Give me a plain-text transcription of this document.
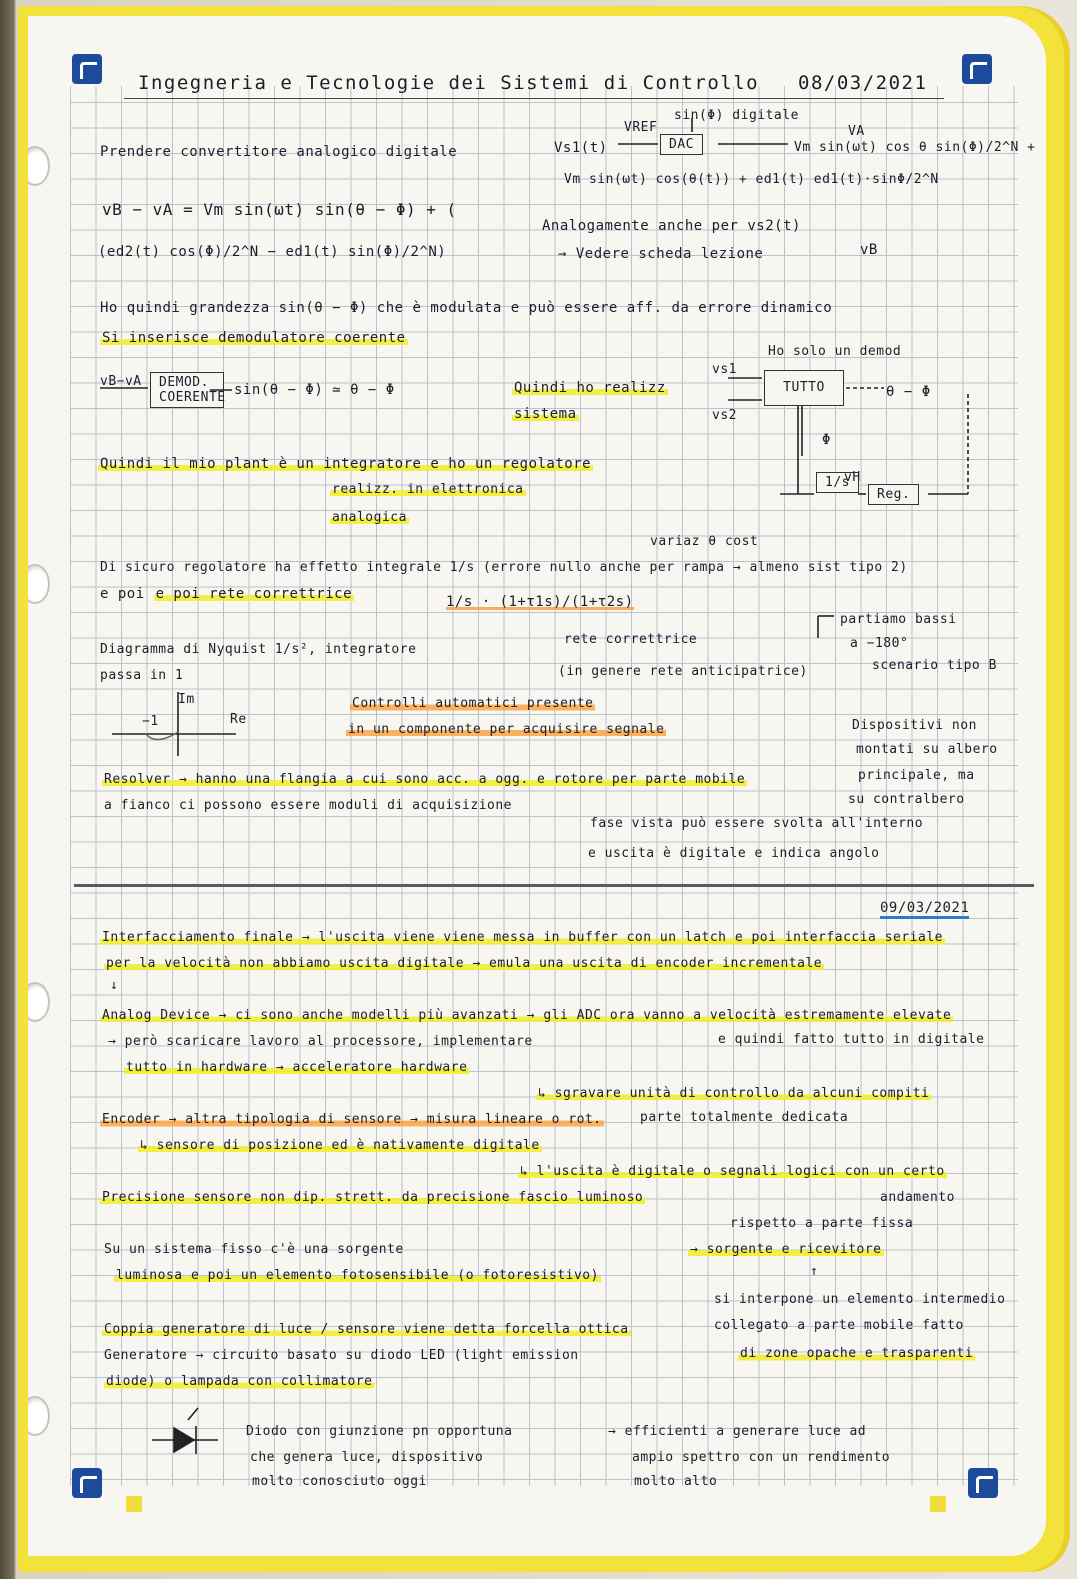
Ingegneria e Tecnologie dei Sistemi di Controllo 08/03/2021
Prendere convertitore analogico digitale
VREF
sin(Φ) digitale
DAC
Vs1(t)	Vm sin(ωt) cos θ sin(Φ)/2^N +
VA
Vm sin(ωt) cos(θ(t)) + ed1(t) ed1(t)·sinΦ/2^N
vB − vA = Vm sin(ωt) sin(θ − Φ) + (
(ed2(t) cos(Φ)/2^N − ed1(t) sin(Φ)/2^N)
Analogamente anche per vs2(t)
→ Vedere scheda lezione	vB
Ho quindi grandezza sin(θ − Φ) che è modulata e può essere aff. da errore dinamico
Si inserisce demodulatore coerente
vB−vA	DEMOD. COERENTE sin(θ − Φ) ≃ θ − Φ	Quindi ho realizz
sistema
Ho solo un demod
vs1
vs2
TUTTO	θ − Φ
Φ
1/s
vH
Reg.
Quindi il mio plant è un integratore e ho un regolatore
realizz. in elettronica
analogica
variaz θ cost
Di sicuro regolatore ha effetto integrale 1/s (errore nullo anche per rampa → almeno sist tipo 2)
e poi e poi rete correttrice	1/s · (1+τ1s)/(1+τ2s)
Diagramma di Nyquist 1/s², integratore
rete correttrice
passa in 1
partiamo bassi
a −180°
scenario tipo B
(in genere rete anticipatrice)
Im
Re
−1
Controlli automatici presente
in un componente per acquisire segnale	Dispositivi non
montati su albero
principale, ma
su contralbero
Resolver → hanno una flangia a cui sono acc. a ogg. e rotore per parte mobile
a fianco ci possono essere moduli di acquisizione
fase vista può essere svolta all'interno
e uscita è digitale e indica angolo
09/03/2021
Interfacciamento finale → l'uscita viene viene messa in buffer con un latch e poi interfaccia seriale
per la velocità non abbiamo uscita digitale → emula una uscita di encoder incrementale
↓
Analog Device → ci sono anche modelli più avanzati → gli ADC ora vanno a velocità estremamente elevate
→ però scaricare lavoro al processore, implementare	e quindi fatto tutto in digitale
tutto in hardware → acceleratore hardware
↳ sgravare unità di controllo da alcuni compiti
Encoder → altra tipologia di sensore → misura lineare o rot.	parte totalmente dedicata
↳ sensore di posizione ed è nativamente digitale
↳ l'uscita è digitale o segnali logici con un certo
Precisione sensore non dip. strett. da precisione fascio luminoso	andamento
rispetto a parte fissa
Su un sistema fisso c'è una sorgente
luminosa e poi un elemento fotosensibile (o fotoresistivo)
→ sorgente e ricevitore
↑
si interpone un elemento intermedio
collegato a parte mobile fatto
di zone opache e trasparenti
Coppia generatore di luce / sensore viene detta forcella ottica
Generatore → circuito basato su diodo LED (light emission
diode) o lampada con collimatore
Diodo con giunzione pn opportuna
che genera luce, dispositivo
molto conosciuto oggi
→ efficienti a generare luce ad
ampio spettro con un rendimento
molto alto
